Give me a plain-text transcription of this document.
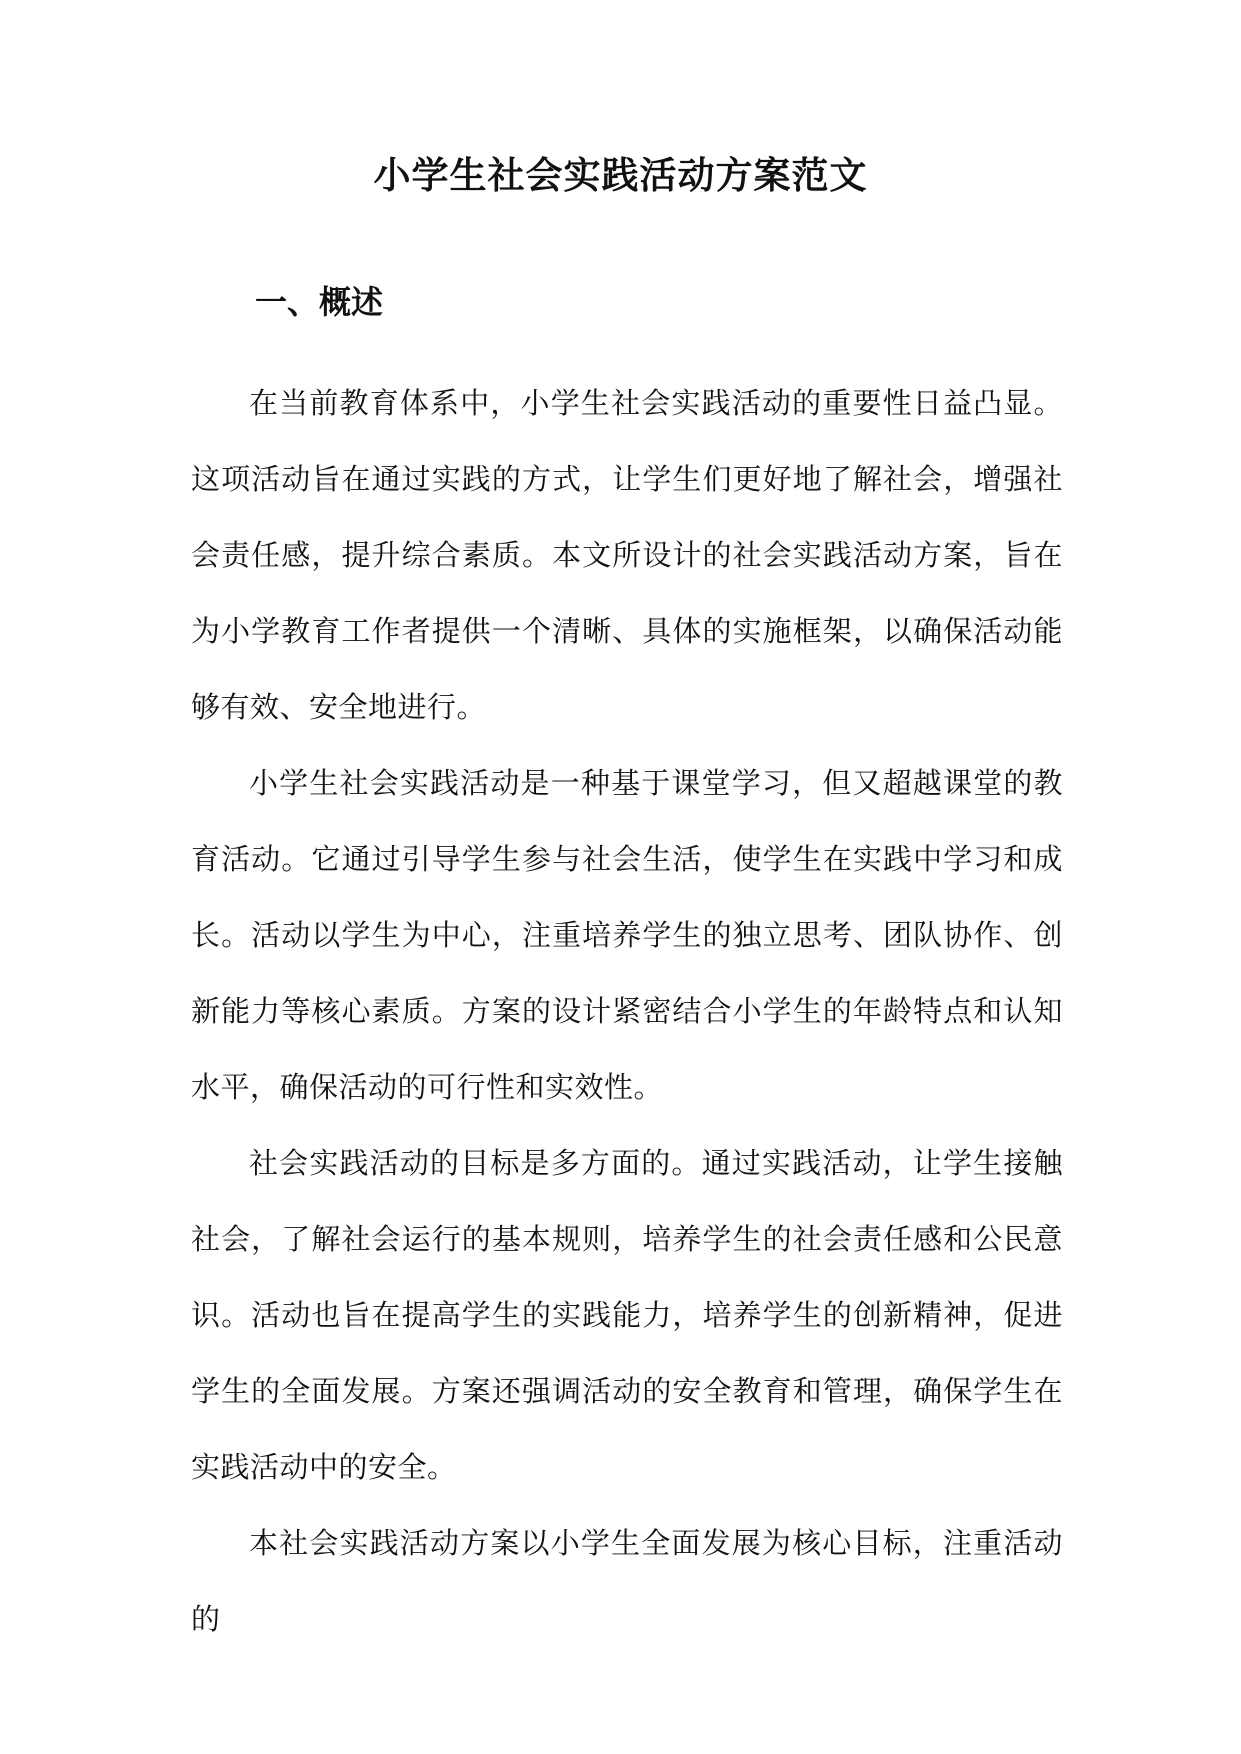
小学生社会实践活动方案范文
一、概述

在当前教育体系中，小学生社会实践活动的重要性日益凸显。这项活动旨在通过实践的方式，让学生们更好地了解社会，增强社会责任感，提升综合素质。本文所设计的社会实践活动方案，旨在为小学教育工作者提供一个清晰、具体的实施框架，以确保活动能够有效、安全地进行。

小学生社会实践活动是一种基于课堂学习，但又超越课堂的教育活动。它通过引导学生参与社会生活，使学生在实践中学习和成长。活动以学生为中心，注重培养学生的独立思考、团队协作、创新能力等核心素质。方案的设计紧密结合小学生的年龄特点和认知水平，确保活动的可行性和实效性。

社会实践活动的目标是多方面的。通过实践活动，让学生接触社会，了解社会运行的基本规则，培养学生的社会责任感和公民意识。活动也旨在提高学生的实践能力，培养学生的创新精神，促进学生的全面发展。方案还强调活动的安全教育和管理，确保学生在实践活动中的安全。

本社会实践活动方案以小学生全面发展为核心目标，注重活动的
